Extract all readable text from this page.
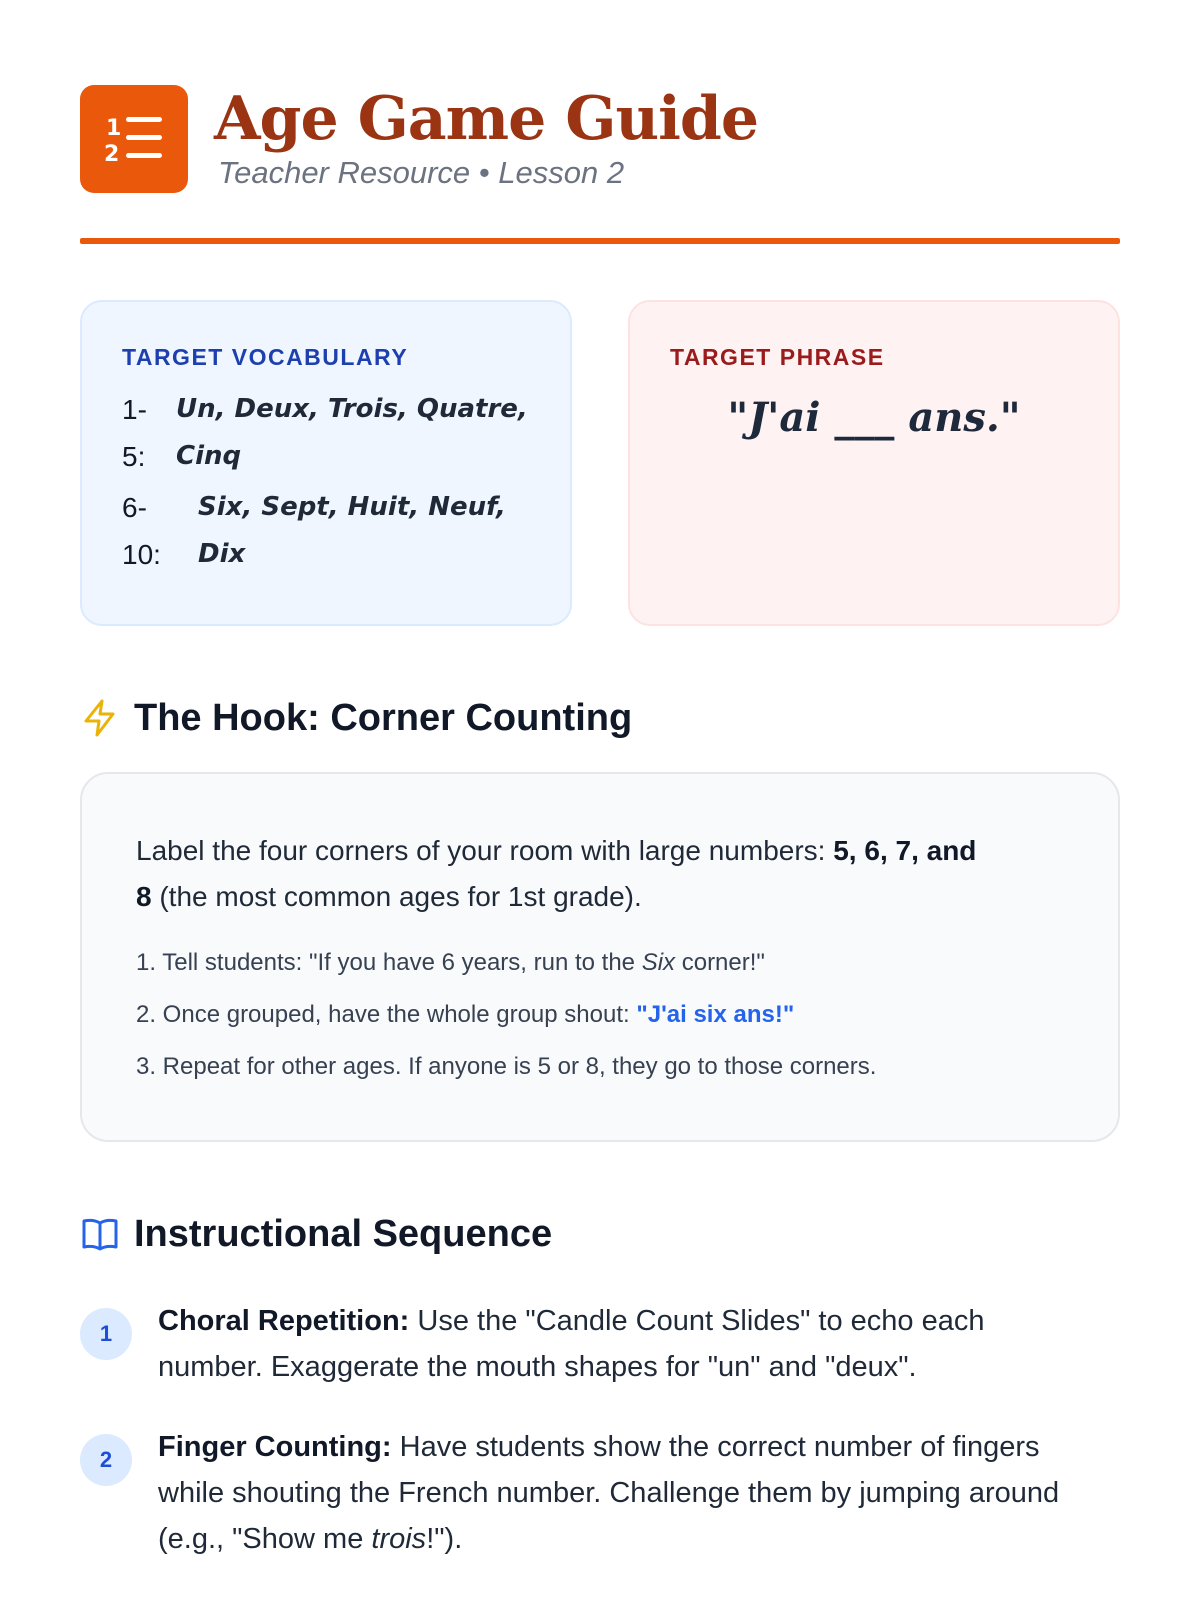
1
2
Age Game Guide
Teacher Resource • Lesson 2
TARGET VOCABULARY
1-
5:
Un, Deux, Trois, Quatre,
Cinq
6-
10:
Six, Sept, Huit, Neuf,
Dix
TARGET PHRASE
"J'ai ___ ans."
The Hook: Corner Counting
Label the four corners of your room with large numbers: 5, 6, 7, and
8 (the most common ages for 1st grade).
1. Tell students: "If you have 6 years, run to the Six corner!"
2. Once grouped, have the whole group shout: "J'ai six ans!"
3. Repeat for other ages. If anyone is 5 or 8, they go to those corners.
Instructional Sequence
1	Choral Repetition: Use the "Candle Count Slides" to echo each
number. Exaggerate the mouth shapes for "un" and "deux".
2	Finger Counting: Have students show the correct number of fingers
while shouting the French number. Challenge them by jumping around
(e.g., "Show me trois!").
